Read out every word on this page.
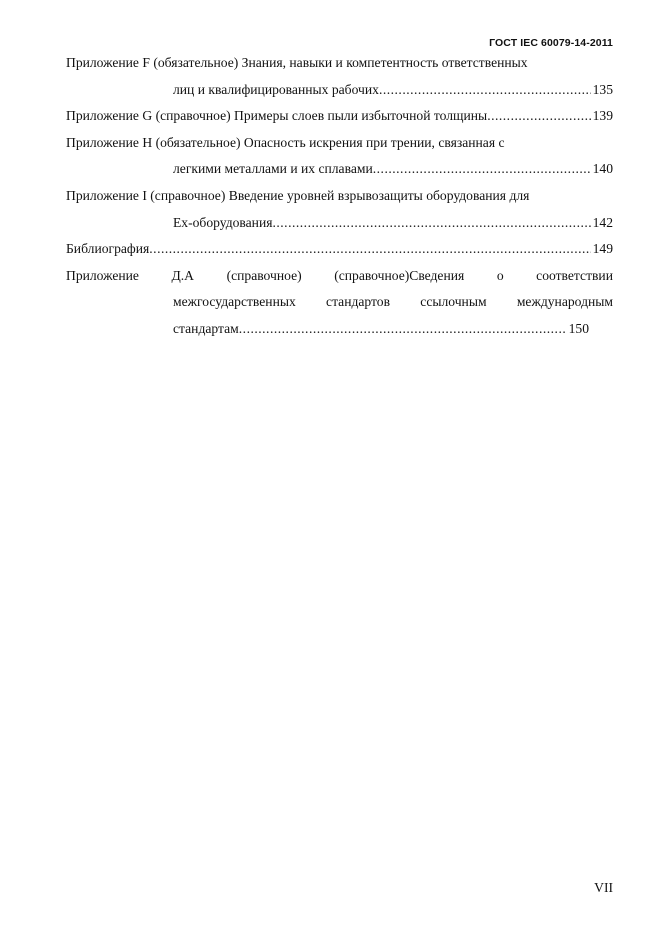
ГОСТ IEC 60079-14-2011
Приложение F (обязательное) Знания, навыки и компетентность ответственных
лиц и квалифицированных рабочих .....	135
Приложение G (справочное) Примеры слоев пыли избыточной толщины .....	139
Приложение H (обязательное) Опасность искрения при трении, связанная с
легкими металлами и их сплавами .....	140
Приложение I (справочное) Введение уровней взрывозащиты оборудования для
Ex-оборудования .....	142
Библиография .....	149
Приложение Д.А (справочное) (справочное)Сведения о соответствии
межгосударственных стандартов ссылочным международным
стандартам .....	150
VII
